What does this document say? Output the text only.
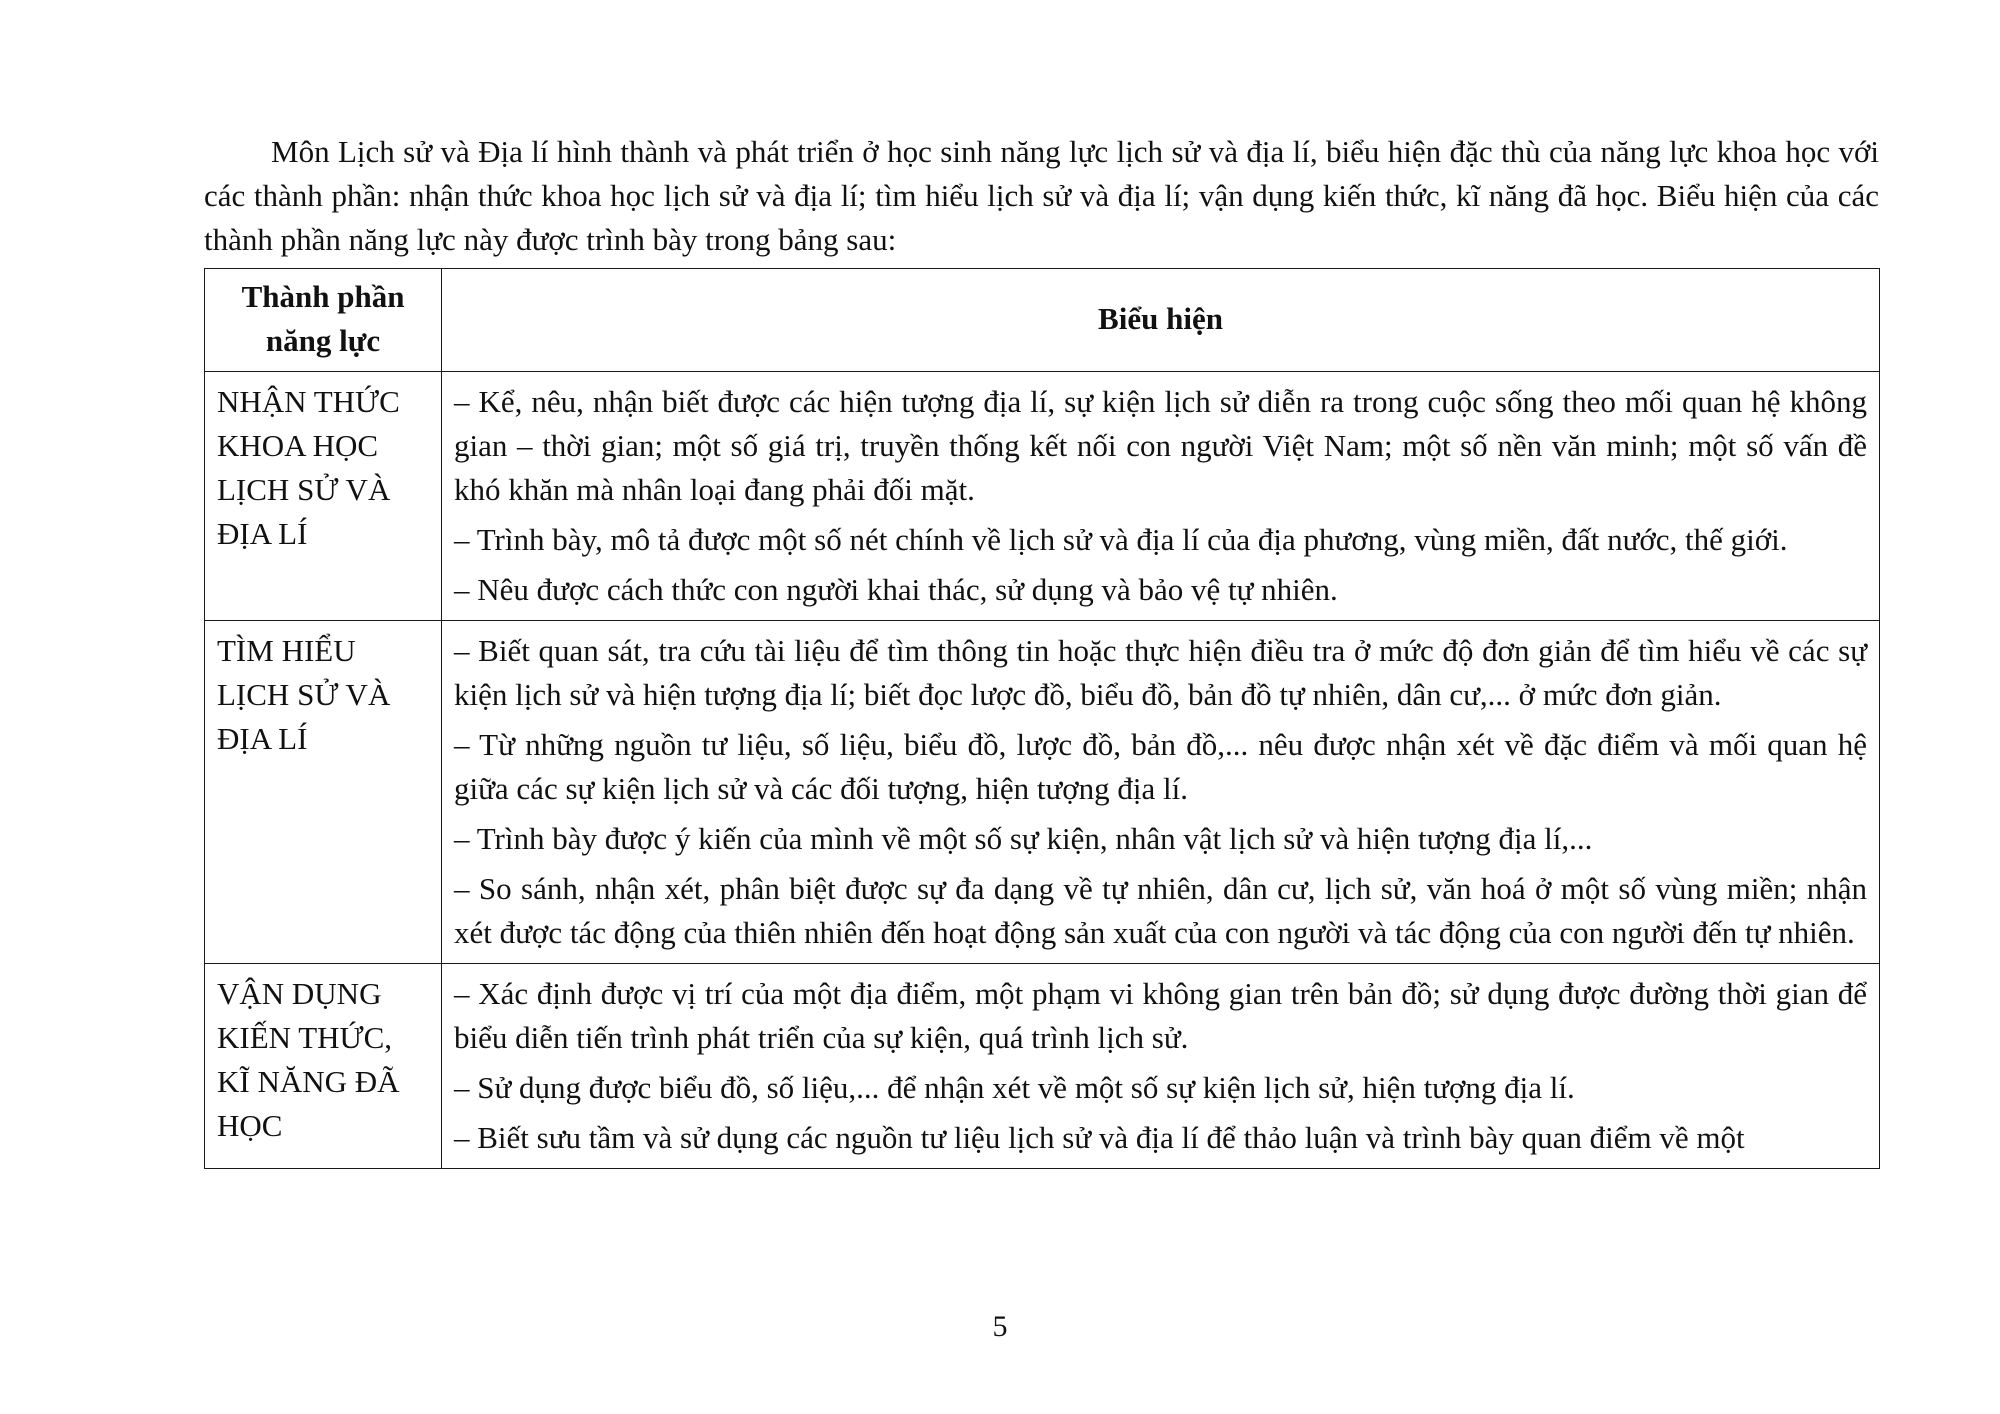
Môn Lịch sử và Địa lí hình thành và phát triển ở học sinh năng lực lịch sử và địa lí, biểu hiện đặc thù của năng lực khoa học với các thành phần: nhận thức khoa học lịch sử và địa lí; tìm hiểu lịch sử và địa lí; vận dụng kiến thức, kĩ năng đã học. Biểu hiện của các thành phần năng lực này được trình bày trong bảng sau:

Thành phần năng lực	Biểu hiện
NHẬN THỨC KHOA HỌC LỊCH SỬ VÀ ĐỊA LÍ	– Kể, nêu, nhận biết được các hiện tượng địa lí, sự kiện lịch sử diễn ra trong cuộc sống theo mối quan hệ không gian – thời gian; một số giá trị, truyền thống kết nối con người Việt Nam; một số nền văn minh; một số vấn đề khó khăn mà nhân loại đang phải đối mặt.
– Trình bày, mô tả được một số nét chính về lịch sử và địa lí của địa phương, vùng miền, đất nước, thế giới.
– Nêu được cách thức con người khai thác, sử dụng và bảo vệ tự nhiên.

TÌM HIỂU LỊCH SỬ VÀ ĐỊA LÍ	– Biết quan sát, tra cứu tài liệu để tìm thông tin hoặc thực hiện điều tra ở mức độ đơn giản để tìm hiểu về các sự kiện lịch sử và hiện tượng địa lí; biết đọc lược đồ, biểu đồ, bản đồ tự nhiên, dân cư,... ở mức đơn giản.
– Từ những nguồn tư liệu, số liệu, biểu đồ, lược đồ, bản đồ,... nêu được nhận xét về đặc điểm và mối quan hệ giữa các sự kiện lịch sử và các đối tượng, hiện tượng địa lí.
– Trình bày được ý kiến của mình về một số sự kiện, nhân vật lịch sử và hiện tượng địa lí,...
– So sánh, nhận xét, phân biệt được sự đa dạng về tự nhiên, dân cư, lịch sử, văn hoá ở một số vùng miền; nhận xét được tác động của thiên nhiên đến hoạt động sản xuất của con người và tác động của con người đến tự nhiên.

VẬN DỤNG KIẾN THỨC, KĨ NĂNG ĐÃ HỌC	– Xác định được vị trí của một địa điểm, một phạm vi không gian trên bản đồ; sử dụng được đường thời gian để biểu diễn tiến trình phát triển của sự kiện, quá trình lịch sử.
– Sử dụng được biểu đồ, số liệu,... để nhận xét về một số sự kiện lịch sử, hiện tượng địa lí.
– Biết sưu tầm và sử dụng các nguồn tư liệu lịch sử và địa lí để thảo luận và trình bày quan điểm về một
5
